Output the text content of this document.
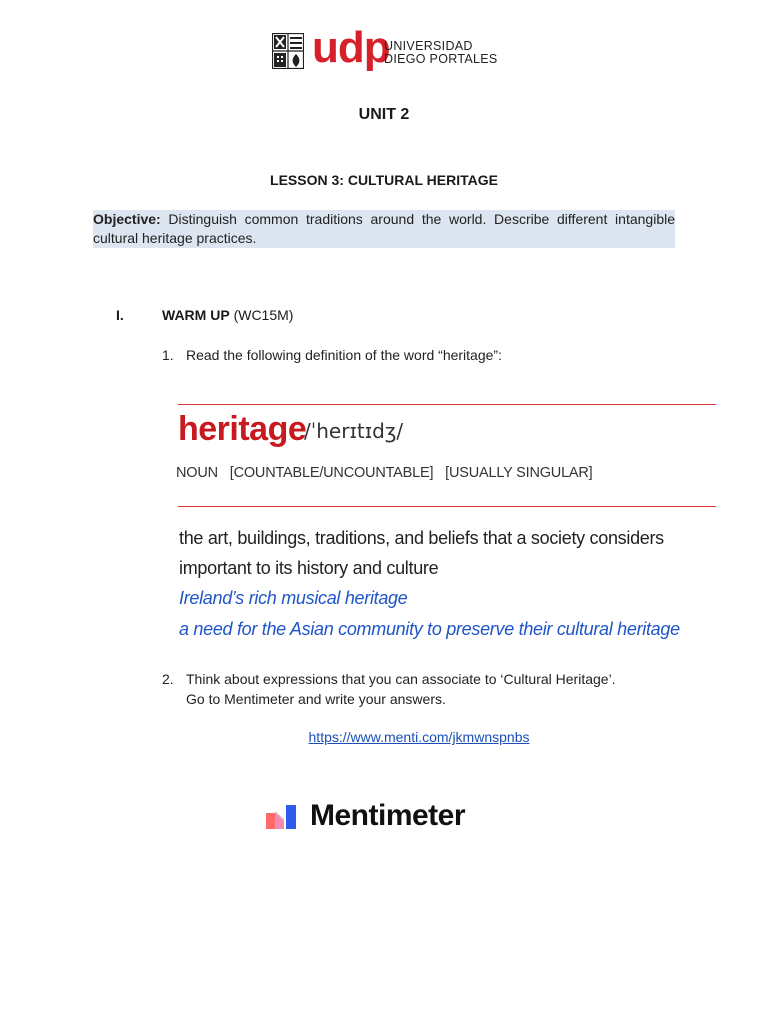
udp
UNIVERSIDAD
DIEGO PORTALES
UNIT 2
LESSON 3: CULTURAL HERITAGE
Objective: Distinguish common traditions around the world. Describe different intangible cultural heritage practices.
I.	WARM UP (WC15M)
1. Read the following definition of the word “heritage”:
heritage
/ˈherɪtɪdʒ/
NOUN [COUNTABLE/UNCOUNTABLE] [USUALLY SINGULAR]
the art, buildings, traditions, and beliefs that a society considers
important to its history and culture
Ireland’s rich musical heritage
a need for the Asian community to preserve their cultural heritage
2. Think about expressions that you can associate to ‘Cultural Heritage’.
Go to Mentimeter and write your answers.
https://www.menti.com/jkmwnspnbs
Mentimeter
